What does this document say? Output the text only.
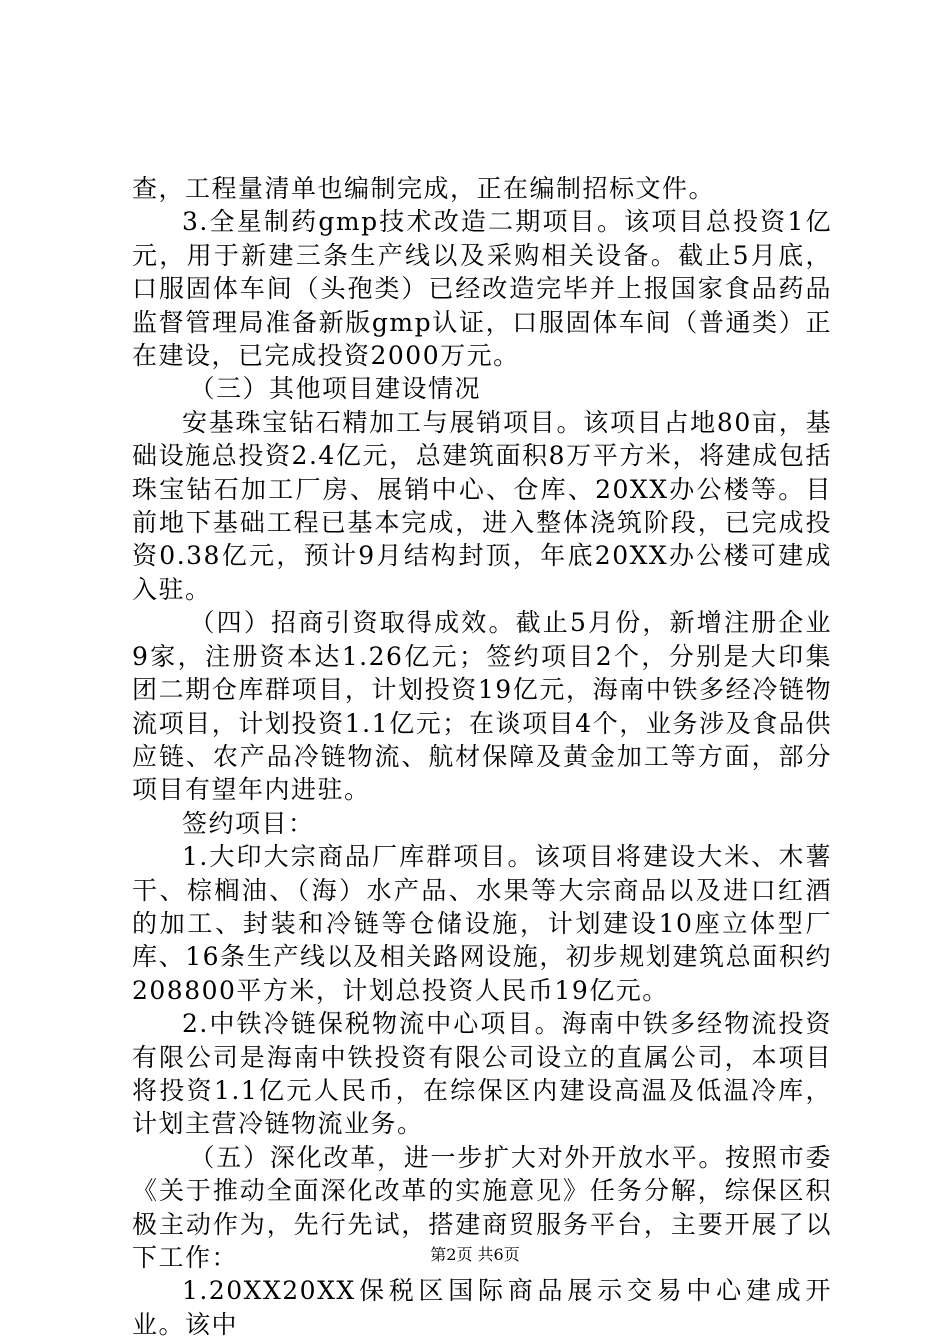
查，工程量清单也编制完成，正在编制招标文件。

3.全星制药gmp技术改造二期项目。该项目总投资1亿元，用于新建三条生产线以及采购相关设备。截止5月底，口服固体车间（头孢类）已经改造完毕并上报国家食品药品监督管理局准备新版gmp认证，口服固体车间（普通类）正在建设，已完成投资2000万元。

（三）其他项目建设情况

安基珠宝钻石精加工与展销项目。该项目占地80亩，基础设施总投资2.4亿元，总建筑面积8万平方米，将建成包括珠宝钻石加工厂房、展销中心、仓库、20XX办公楼等。目前地下基础工程已基本完成，进入整体浇筑阶段，已完成投资0.38亿元，预计9月结构封顶，年底20XX办公楼可建成入驻。

（四）招商引资取得成效。截止5月份，新增注册企业9家，注册资本达1.26亿元；签约项目2个，分别是大印集团二期仓库群项目，计划投资19亿元，海南中铁多经冷链物流项目，计划投资1.1亿元；在谈项目4个，业务涉及食品供应链、农产品冷链物流、航材保障及黄金加工等方面，部分项目有望年内进驻。

签约项目：

1.大印大宗商品厂库群项目。该项目将建设大米、木薯干、棕榈油、（海）水产品、水果等大宗商品以及进口红酒的加工、封装和冷链等仓储设施，计划建设10座立体型厂库、16条生产线以及相关路网设施，初步规划建筑总面积约208800平方米，计划总投资人民币19亿元。

2.中铁冷链保税物流中心项目。海南中铁多经物流投资有限公司是海南中铁投资有限公司设立的直属公司，本项目将投资1.1亿元人民币，在综保区内建设高温及低温冷库，计划主营冷链物流业务。

（五）深化改革，进一步扩大对外开放水平。按照市委《关于推动全面深化改革的实施意见》任务分解，综保区积极主动作为，先行先试，搭建商贸服务平台，主要开展了以下工作：

1.20XX20XX保税区国际商品展示交易中心建成开业。该中

第2页 共6页
